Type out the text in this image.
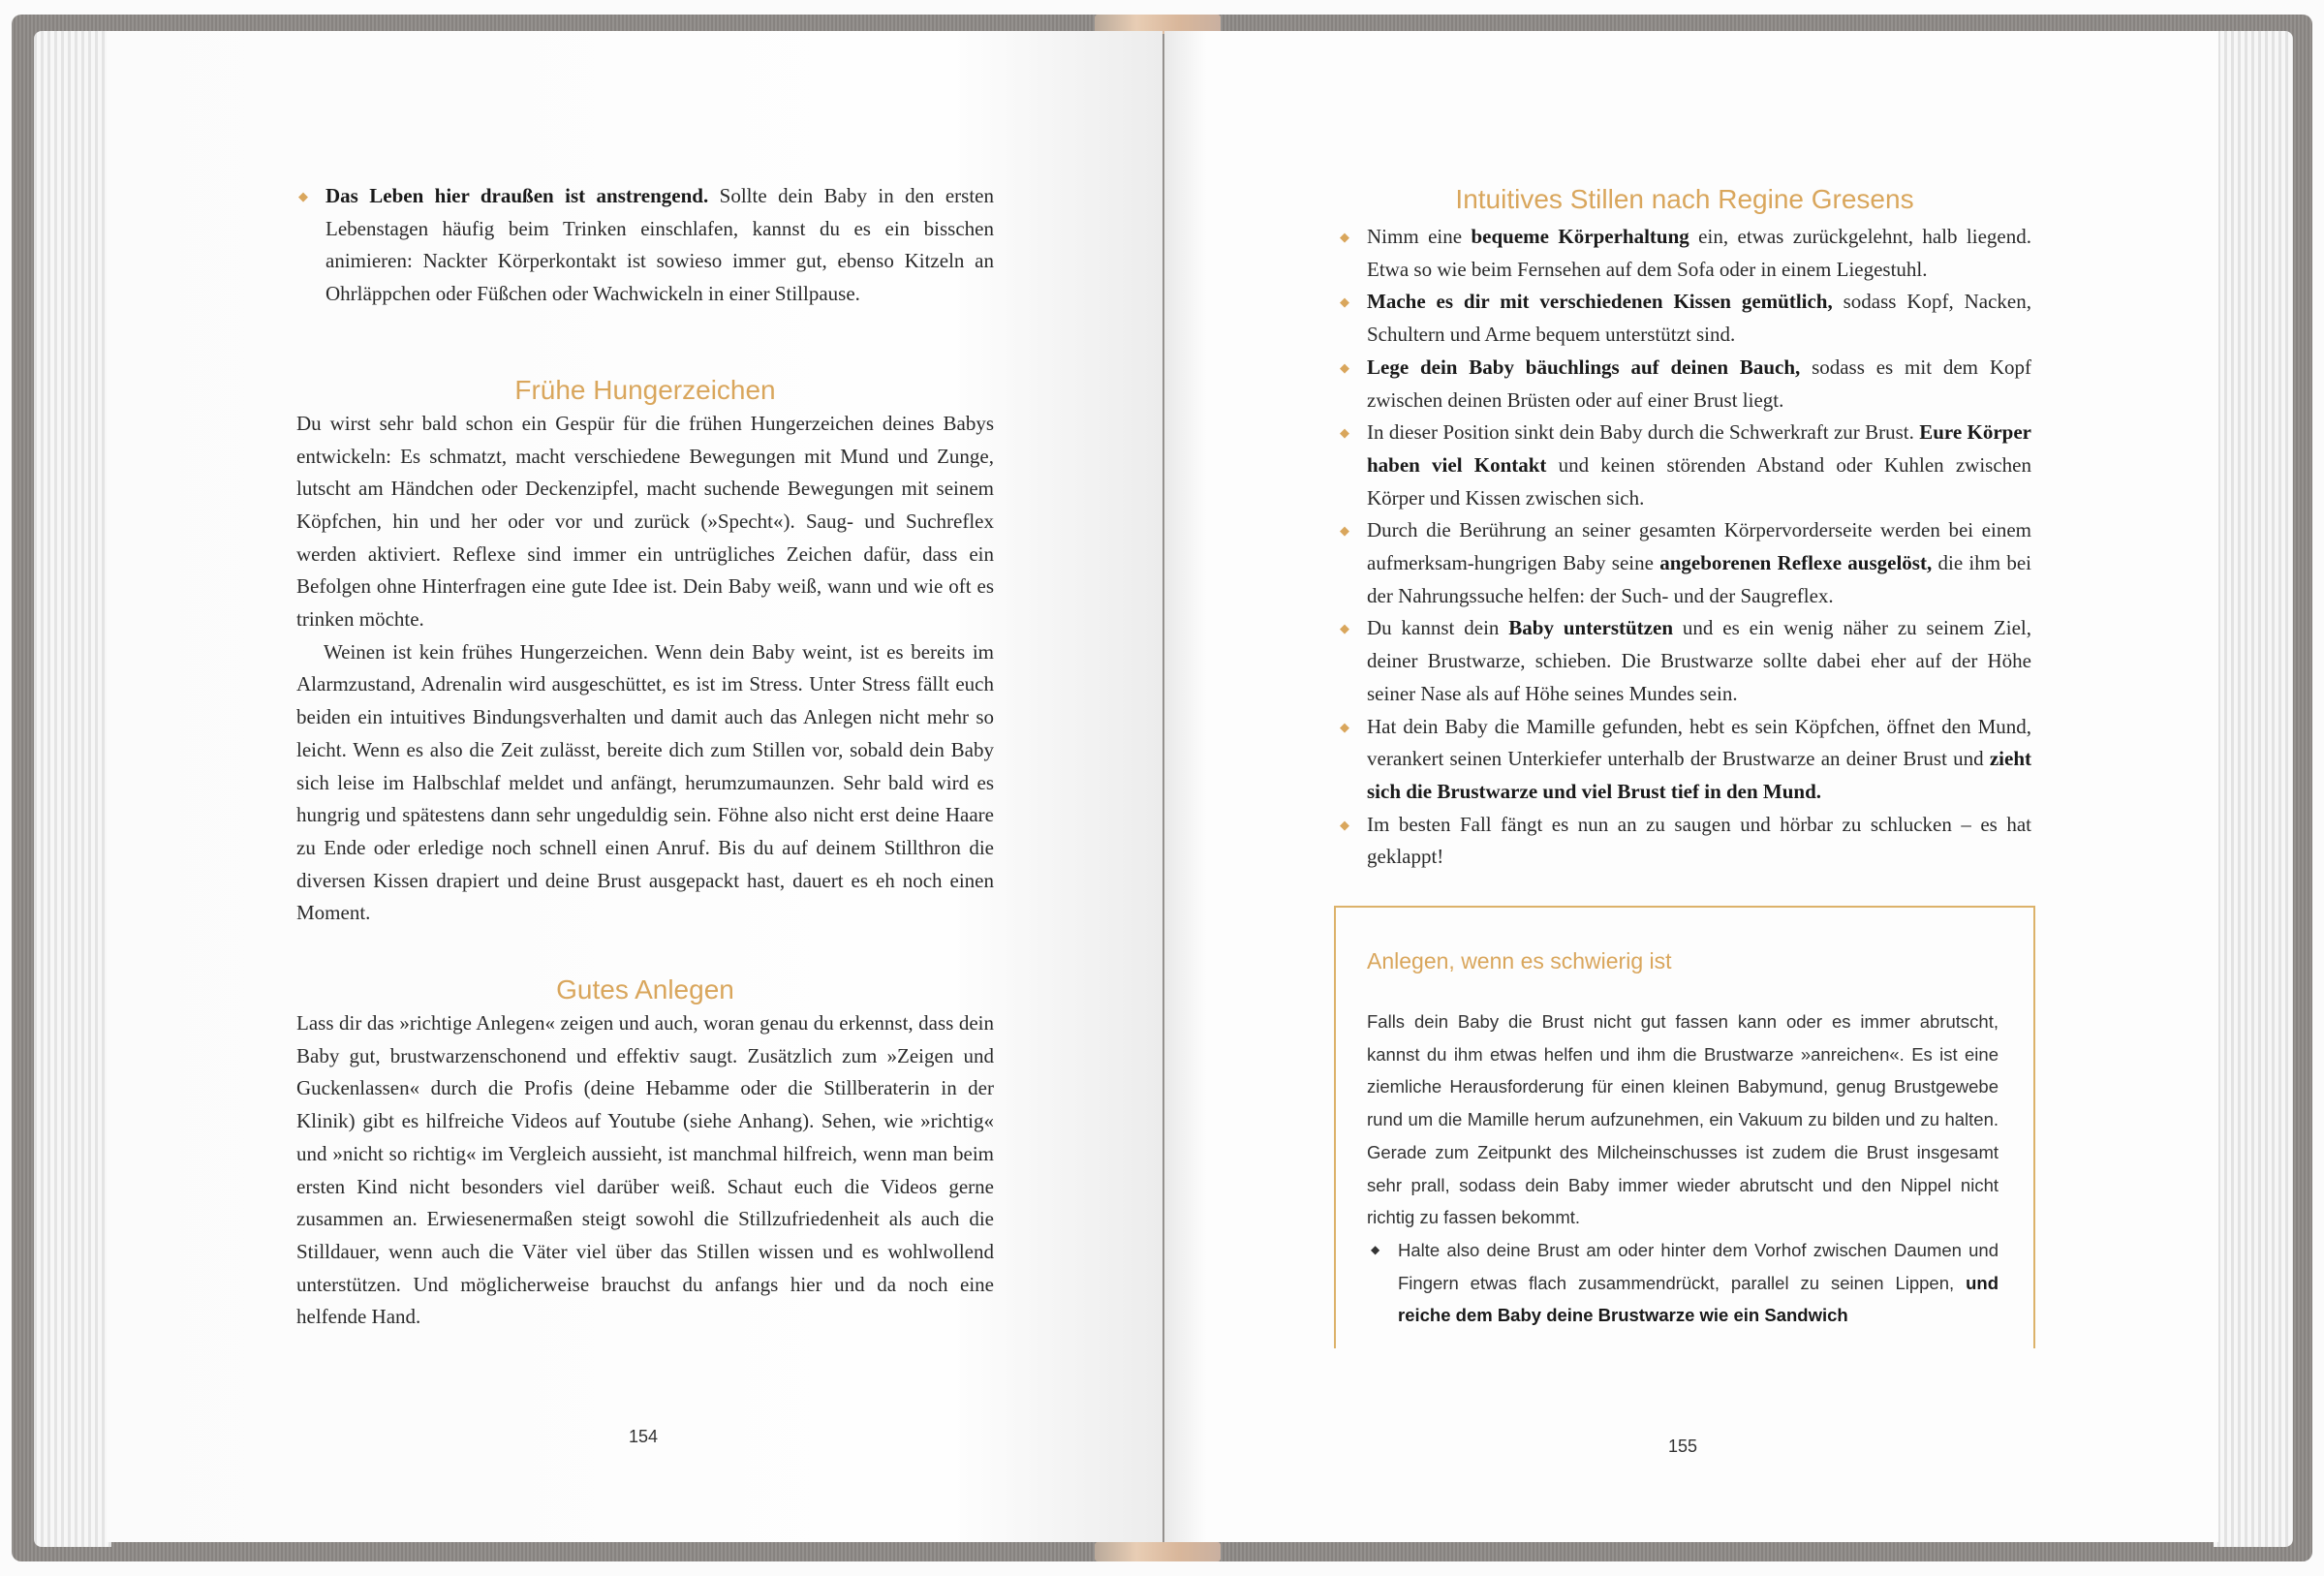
◆ Das Leben hier draußen ist anstrengend. Sollte dein Baby in den ersten Lebenstagen häufig beim Trinken einschlafen, kannst du es ein bisschen animieren: Nackter Körperkontakt ist sowieso immer gut, ebenso Kitzeln an Ohrläppchen oder Füßchen oder Wachwickeln in einer Stillpause.

Frühe Hungerzeichen

Du wirst sehr bald schon ein Gespür für die frühen Hungerzeichen deines Babys entwickeln: Es schmatzt, macht verschiedene Bewegungen mit Mund und Zunge, lutscht am Händchen oder Deckenzipfel, macht suchende Bewegungen mit seinem Köpfchen, hin und her oder vor und zurück (»Specht«). Saug- und Suchreflex werden aktiviert. Reflexe sind immer ein untrügliches Zeichen dafür, dass ein Befolgen ohne Hinterfragen eine gute Idee ist. Dein Baby weiß, wann und wie oft es trinken möchte.

Weinen ist kein frühes Hungerzeichen. Wenn dein Baby weint, ist es bereits im Alarmzustand, Adrenalin wird ausgeschüttet, es ist im Stress. Unter Stress fällt euch beiden ein intuitives Bindungsverhalten und damit auch das Anlegen nicht mehr so leicht. Wenn es also die Zeit zulässt, bereite dich zum Stillen vor, sobald dein Baby sich leise im Halbschlaf meldet und anfängt, herumzumaunzen. Sehr bald wird es hungrig und spätestens dann sehr ungeduldig sein. Föhne also nicht erst deine Haare zu Ende oder erledige noch schnell einen Anruf. Bis du auf deinem Stillthron die diversen Kissen drapiert und deine Brust ausgepackt hast, dauert es eh noch einen Moment.

Gutes Anlegen

Lass dir das »richtige Anlegen« zeigen und auch, woran genau du erkennst, dass dein Baby gut, brustwarzenschonend und effektiv saugt. Zusätzlich zum »Zeigen und Guckenlassen« durch die Profis (deine Hebamme oder die Stillberaterin in der Klinik) gibt es hilfreiche Videos auf Youtube (siehe Anhang). Sehen, wie »richtig« und »nicht so richtig« im Vergleich aussieht, ist manchmal hilfreich, wenn man beim ersten Kind nicht besonders viel darüber weiß. Schaut euch die Videos gerne zusammen an. Erwiesenermaßen steigt sowohl die Stillzufriedenheit als auch die Stilldauer, wenn auch die Väter viel über das Stillen wissen und es wohlwollend unterstützen. Und möglicherweise brauchst du anfangs hier und da noch eine helfende Hand.

154
Intuitives Stillen nach Regine Gresens
◆ Nimm eine bequeme Körperhaltung ein, etwas zurückgelehnt, halb liegend. Etwa so wie beim Fernsehen auf dem Sofa oder in einem Liegestuhl.

◆ Mache es dir mit verschiedenen Kissen gemütlich, sodass Kopf, Nacken, Schultern und Arme bequem unterstützt sind.

◆ Lege dein Baby bäuchlings auf deinen Bauch, sodass es mit dem Kopf zwischen deinen Brüsten oder auf einer Brust liegt.

◆ In dieser Position sinkt dein Baby durch die Schwerkraft zur Brust. Eure Körper haben viel Kontakt und keinen störenden Abstand oder Kuhlen zwischen Körper und Kissen zwischen sich.

◆ Durch die Berührung an seiner gesamten Körpervorderseite werden bei einem aufmerksam-hungrigen Baby seine angeborenen Reflexe ausgelöst, die ihm bei der Nahrungssuche helfen: der Such- und der Saugreflex.

◆ Du kannst dein Baby unterstützen und es ein wenig näher zu seinem Ziel, deiner Brustwarze, schieben. Die Brustwarze sollte dabei eher auf der Höhe seiner Nase als auf Höhe seines Mundes sein.

◆ Hat dein Baby die Mamille gefunden, hebt es sein Köpfchen, öffnet den Mund, verankert seinen Unterkiefer unterhalb der Brustwarze an deiner Brust und zieht sich die Brustwarze und viel Brust tief in den Mund.

◆ Im besten Fall fängt es nun an zu saugen und hörbar zu schlucken – es hat geklappt!

Anlegen, wenn es schwierig ist

Falls dein Baby die Brust nicht gut fassen kann oder es immer abrutscht, kannst du ihm etwas helfen und ihm die Brustwarze »anreichen«. Es ist eine ziemliche Herausforderung für einen kleinen Babymund, genug Brustgewebe rund um die Mamille herum aufzunehmen, ein Vakuum zu bilden und zu halten. Gerade zum Zeitpunkt des Milcheinschusses ist zudem die Brust insgesamt sehr prall, sodass dein Baby immer wieder abrutscht und den Nippel nicht richtig zu fassen bekommt.

◆ Halte also deine Brust am oder hinter dem Vorhof zwischen Daumen und Fingern etwas flach zusammendrückt, parallel zu seinen Lippen, und reiche dem Baby deine Brustwarze wie ein Sandwich

155
